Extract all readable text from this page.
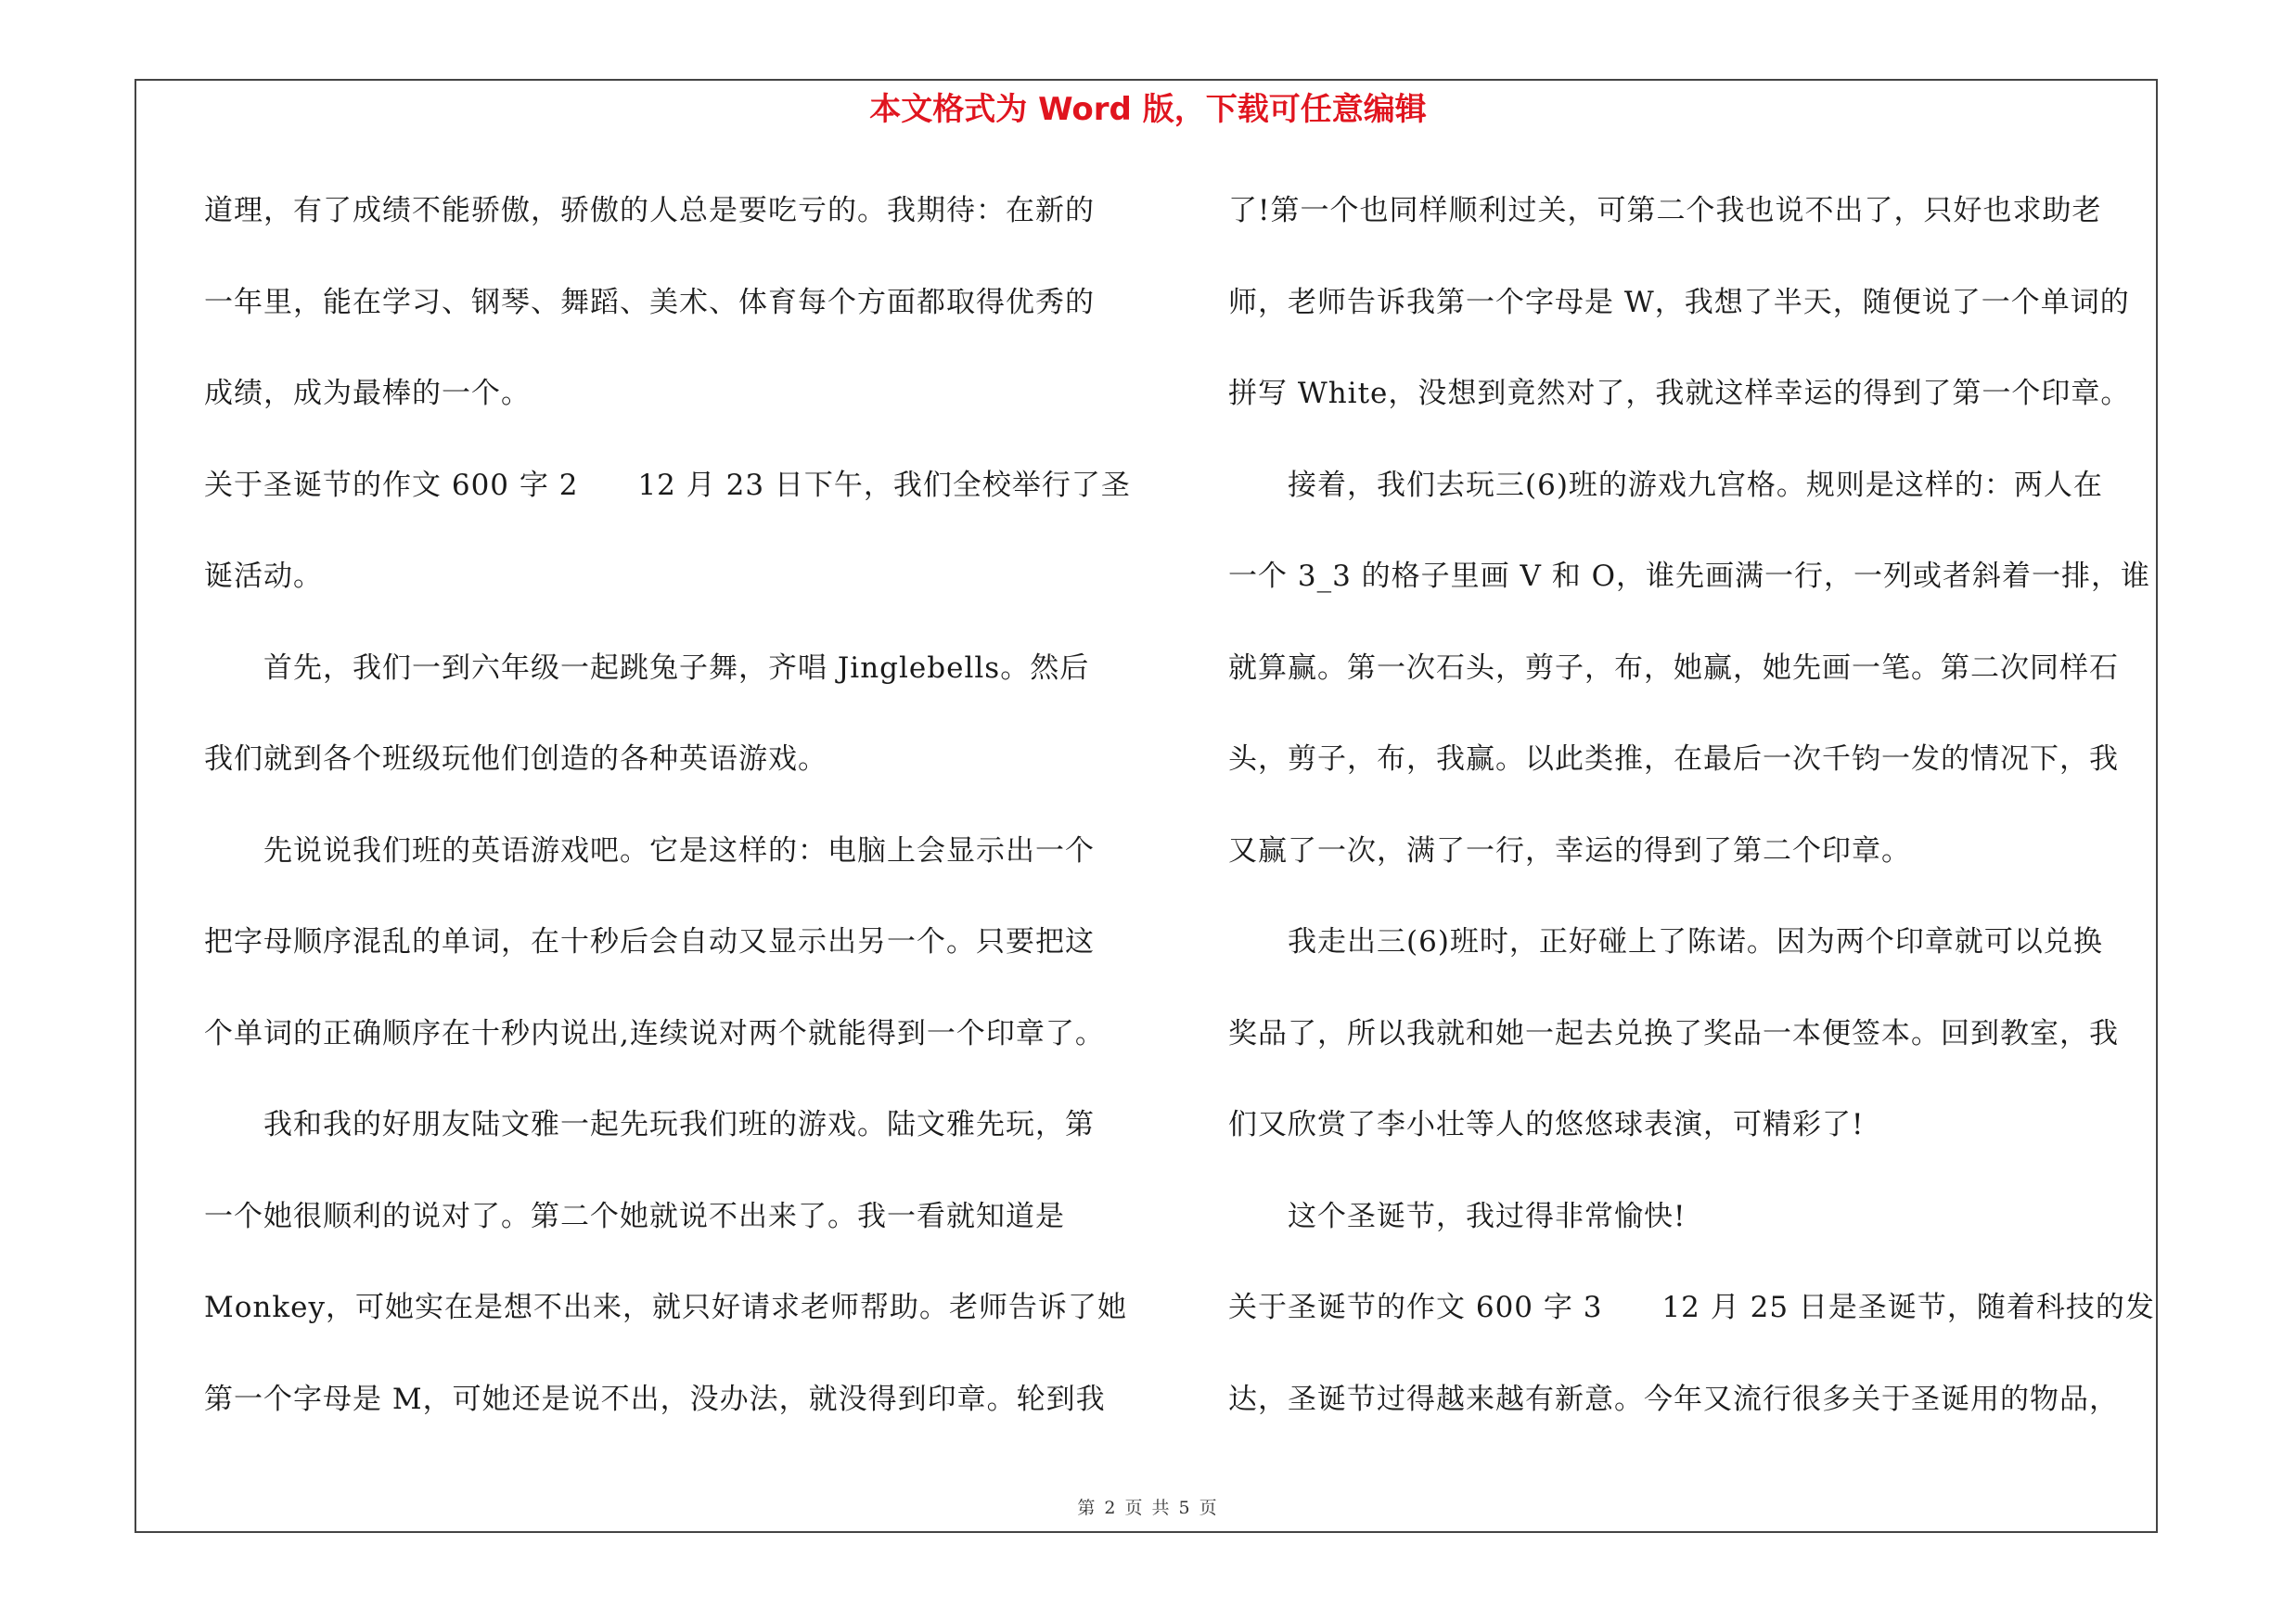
本文格式为 Word 版，下载可任意编辑
道理，有了成绩不能骄傲，骄傲的人总是要吃亏的。我期待：在新的
一年里，能在学习、钢琴、舞蹈、美术、体育每个方面都取得优秀的
成绩，成为最棒的一个。
关于圣诞节的作文 600 字 2　　12 月 23 日下午，我们全校举行了圣
诞活动。
首先，我们一到六年级一起跳兔子舞，齐唱 Jinglebells。然后
我们就到各个班级玩他们创造的各种英语游戏。
先说说我们班的英语游戏吧。它是这样的：电脑上会显示出一个
把字母顺序混乱的单词，在十秒后会自动又显示出另一个。只要把这
个单词的正确顺序在十秒内说出,连续说对两个就能得到一个印章了。
我和我的好朋友陆文雅一起先玩我们班的游戏。陆文雅先玩，第
一个她很顺利的说对了。第二个她就说不出来了。我一看就知道是
Monkey，可她实在是想不出来，就只好请求老师帮助。老师告诉了她
第一个字母是 M，可她还是说不出，没办法，就没得到印章。轮到我
了!第一个也同样顺利过关，可第二个我也说不出了，只好也求助老
师，老师告诉我第一个字母是 W，我想了半天，随便说了一个单词的
拼写 White，没想到竟然对了，我就这样幸运的得到了第一个印章。
接着，我们去玩三(6)班的游戏九宫格。规则是这样的：两人在
一个 3_3 的格子里画 V 和 O，谁先画满一行，一列或者斜着一排，谁
就算赢。第一次石头，剪子，布，她赢，她先画一笔。第二次同样石
头，剪子，布，我赢。以此类推，在最后一次千钧一发的情况下，我
又赢了一次，满了一行，幸运的得到了第二个印章。
我走出三(6)班时，正好碰上了陈诺。因为两个印章就可以兑换
奖品了，所以我就和她一起去兑换了奖品一本便签本。回到教室，我
们又欣赏了李小壮等人的悠悠球表演，可精彩了!
这个圣诞节，我过得非常愉快!
关于圣诞节的作文 600 字 3　　12 月 25 日是圣诞节，随着科技的发
达，圣诞节过得越来越有新意。今年又流行很多关于圣诞用的物品，
第 2 页 共 5 页
